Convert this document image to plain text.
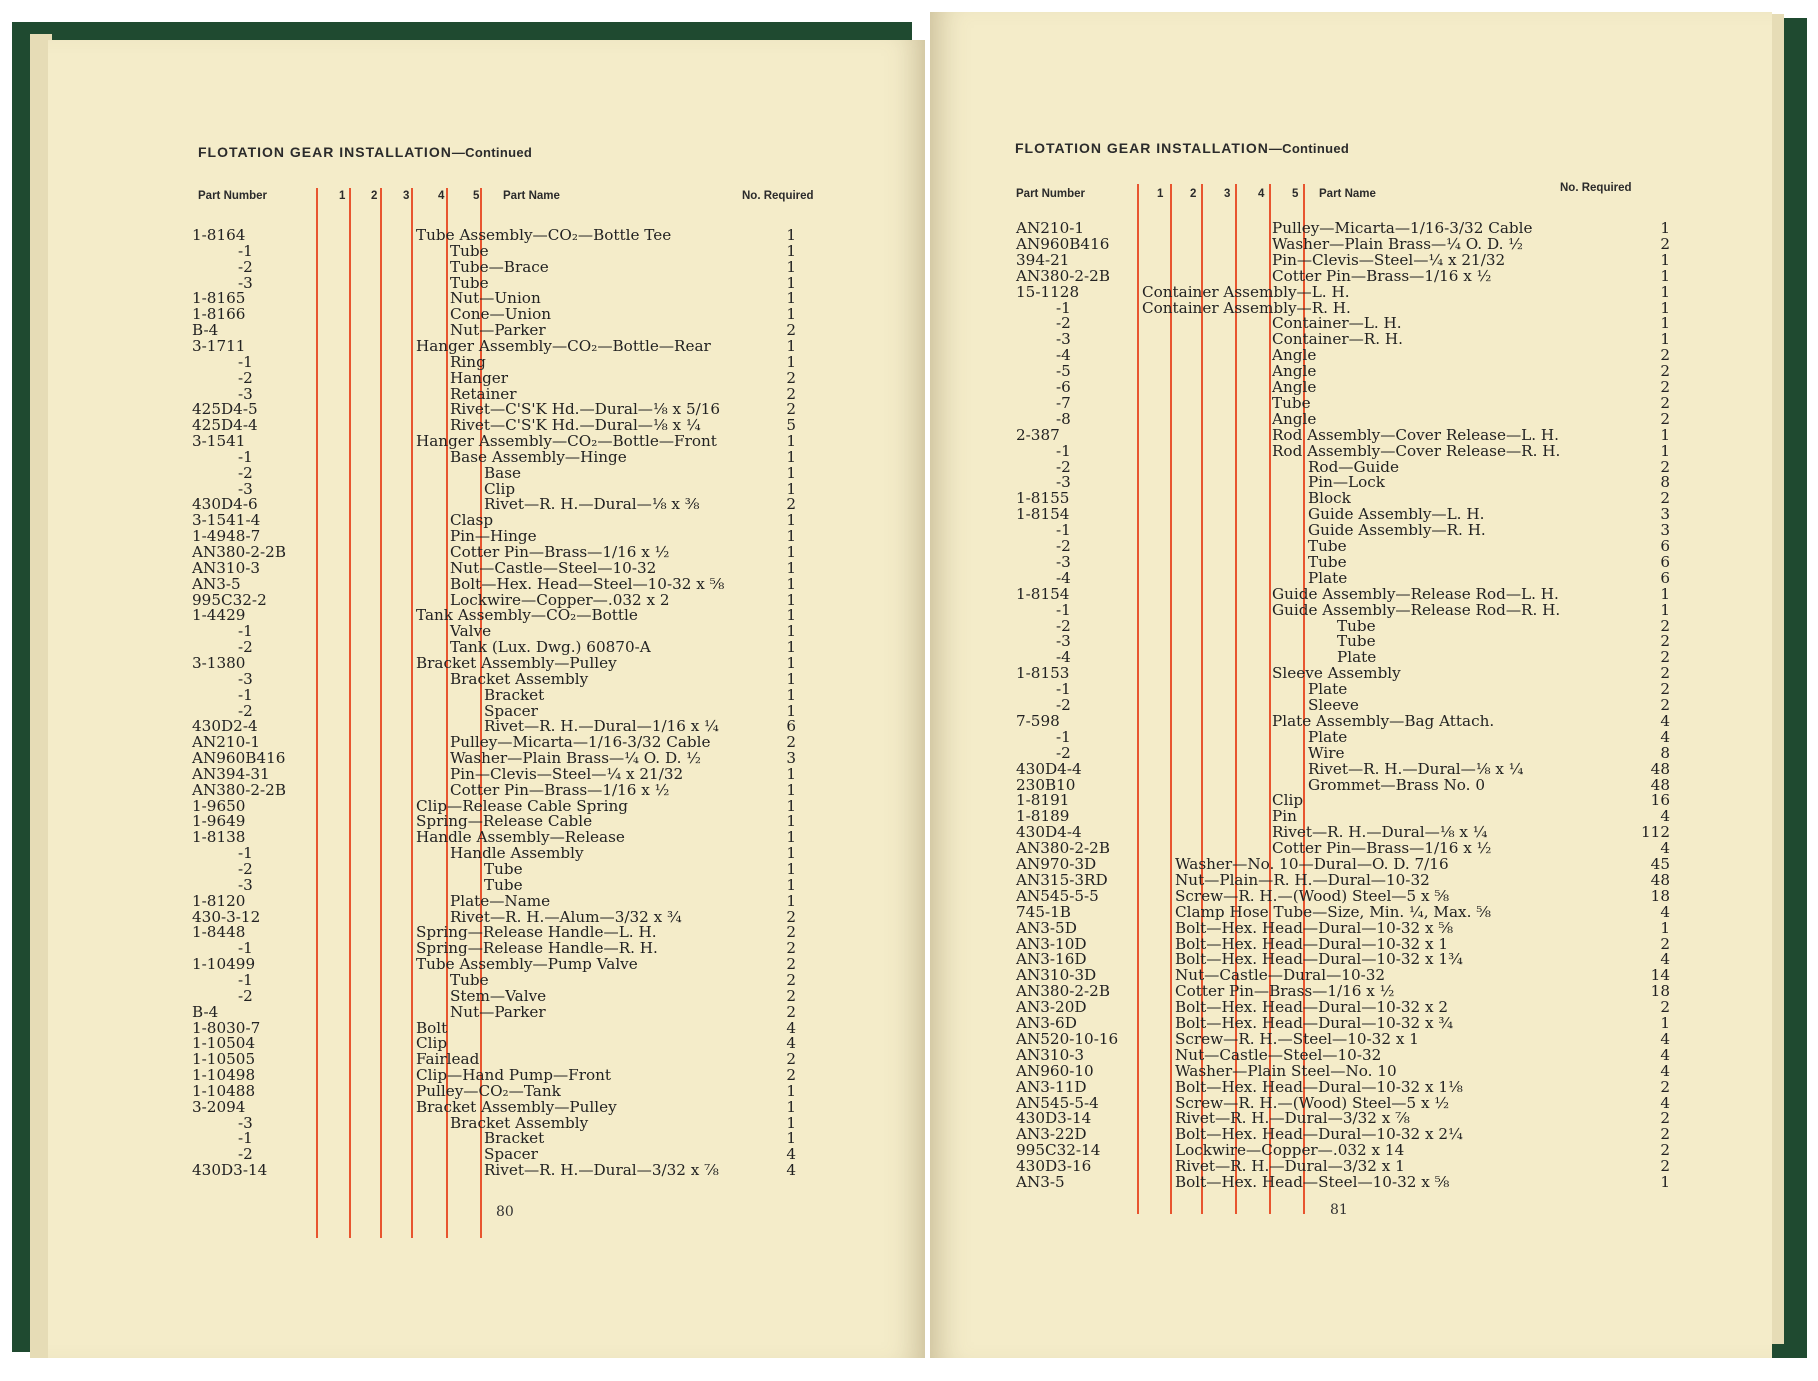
FLOTATION GEAR INSTALLATION—Continued
Part Number	1 2 3 4 5 Part Name	No. Required
80
1-8164	Tube Assembly—CO₂—Bottle Tee	1
-1	Tube	1
-2	Tube—Brace	1
-3	Tube	1
1-8165	Nut—Union	1
1-8166	Cone—Union	1
B-4	Nut—Parker	2
3-1711	Hanger Assembly—CO₂—Bottle—Rear	1
-1	Ring	1
-2	Hanger	2
-3	Retainer	2
425D4-5	Rivet—C'S'K Hd.—Dural—⅛ x 5/16	2
425D4-4	Rivet—C'S'K Hd.—Dural—⅛ x ¼	5
3-1541	Hanger Assembly—CO₂—Bottle—Front	1
-1	Base Assembly—Hinge	1
-2	Base	1
-3	Clip	1
430D4-6	Rivet—R. H.—Dural—⅛ x ⅜	2
3-1541-4	Clasp	1
1-4948-7	Pin—Hinge	1
AN380-2-2B	Cotter Pin—Brass—1/16 x ½	1
AN310-3	Nut—Castle—Steel—10-32	1
AN3-5	Bolt—Hex. Head—Steel—10-32 x ⅝	1
995C32-2	Lockwire—Copper—.032 x 2	1
1-4429	Tank Assembly—CO₂—Bottle	1
-1	Valve	1
-2	Tank (Lux. Dwg.) 60870-A	1
3-1380	Bracket Assembly—Pulley	1
-3	Bracket Assembly	1
-1	Bracket	1
-2	Spacer	1
430D2-4	Rivet—R. H.—Dural—1/16 x ¼	6
AN210-1	Pulley—Micarta—1/16-3/32 Cable	2
AN960B416	Washer—Plain Brass—¼ O. D. ½	3
AN394-31	Pin—Clevis—Steel—¼ x 21/32	1
AN380-2-2B	Cotter Pin—Brass—1/16 x ½	1
1-9650	Clip—Release Cable Spring	1
1-9649	Spring—Release Cable	1
1-8138	Handle Assembly—Release	1
-1	Handle Assembly	1
-2	Tube	1
-3	Tube	1
1-8120	Plate—Name	1
430-3-12	Rivet—R. H.—Alum—3/32 x ¾	2
1-8448	Spring—Release Handle—L. H.	2
-1	Spring—Release Handle—R. H.	2
1-10499	Tube Assembly—Pump Valve	2
-1	Tube	2
-2	Stem—Valve	2
B-4	Nut—Parker	2
1-8030-7	Bolt	4
1-10504	Clip	4
1-10505	Fairlead	2
1-10498	Clip—Hand Pump—Front	2
1-10488	Pulley—CO₂—Tank	1
3-2094	Bracket Assembly—Pulley	1
-3	Bracket Assembly	1
-1	Bracket	1
-2	Spacer	4
430D3-14	Rivet—R. H.—Dural—3/32 x ⅞	4
FLOTATION GEAR INSTALLATION—Continued
Part Number	1 2 3 4 5 Part Name	No. Required
81
AN210-1	Pulley—Micarta—1/16-3/32 Cable	1
AN960B416	Washer—Plain Brass—¼ O. D. ½	2
394-21	Pin—Clevis—Steel—¼ x 21/32	1
AN380-2-2B	Cotter Pin—Brass—1/16 x ½	1
15-1128	Container Assembly—L. H.	1
-1	Container Assembly—R. H.	1
-2	Container—L. H.	1
-3	Container—R. H.	1
-4	Angle	2
-5	Angle	2
-6	Angle	2
-7	Tube	2
-8	Angle	2
2-387	Rod Assembly—Cover Release—L. H.	1
-1	Rod Assembly—Cover Release—R. H.	1
-2	Rod—Guide	2
-3	Pin—Lock	8
1-8155	Block	2
1-8154	Guide Assembly—L. H.	3
-1	Guide Assembly—R. H.	3
-2	Tube	6
-3	Tube	6
-4	Plate	6
1-8154	Guide Assembly—Release Rod—L. H.	1
-1	Guide Assembly—Release Rod—R. H.	1
-2	Tube	2
-3	Tube	2
-4	Plate	2
1-8153	Sleeve Assembly	2
-1	Plate	2
-2	Sleeve	2
7-598	Plate Assembly—Bag Attach.	4
-1	Plate	4
-2	Wire	8
430D4-4	Rivet—R. H.—Dural—⅛ x ¼	48
230B10	Grommet—Brass No. 0	48
1-8191	Clip	16
1-8189	Pin	4
430D4-4	Rivet—R. H.—Dural—⅛ x ¼	112
AN380-2-2B	Cotter Pin—Brass—1/16 x ½	4
AN970-3D	Washer—No. 10—Dural—O. D. 7/16	45
AN315-3RD	Nut—Plain—R. H.—Dural—10-32	48
AN545-5-5	Screw—R. H.—(Wood) Steel—5 x ⅝	18
745-1B	Clamp Hose Tube—Size, Min. ¼, Max. ⅝	4
AN3-5D	Bolt—Hex. Head—Dural—10-32 x ⅝	1
AN3-10D	Bolt—Hex. Head—Dural—10-32 x 1	2
AN3-16D	Bolt—Hex. Head—Dural—10-32 x 1¾	4
AN310-3D	Nut—Castle—Dural—10-32	14
AN380-2-2B	Cotter Pin—Brass—1/16 x ½	18
AN3-20D	Bolt—Hex. Head—Dural—10-32 x 2	2
AN3-6D	Bolt—Hex. Head—Dural—10-32 x ¾	1
AN520-10-16	Screw—R. H.—Steel—10-32 x 1	4
AN310-3	Nut—Castle—Steel—10-32	4
AN960-10	Washer—Plain Steel—No. 10	4
AN3-11D	Bolt—Hex. Head—Dural—10-32 x 1⅛	2
AN545-5-4	Screw—R. H.—(Wood) Steel—5 x ½	4
430D3-14	Rivet—R. H.—Dural—3/32 x ⅞	2
AN3-22D	Bolt—Hex. Head—Dural—10-32 x 2¼	2
995C32-14	Lockwire—Copper—.032 x 14	2
430D3-16	Rivet—R. H.—Dural—3/32 x 1	2
AN3-5	Bolt—Hex. Head—Steel—10-32 x ⅝	1
